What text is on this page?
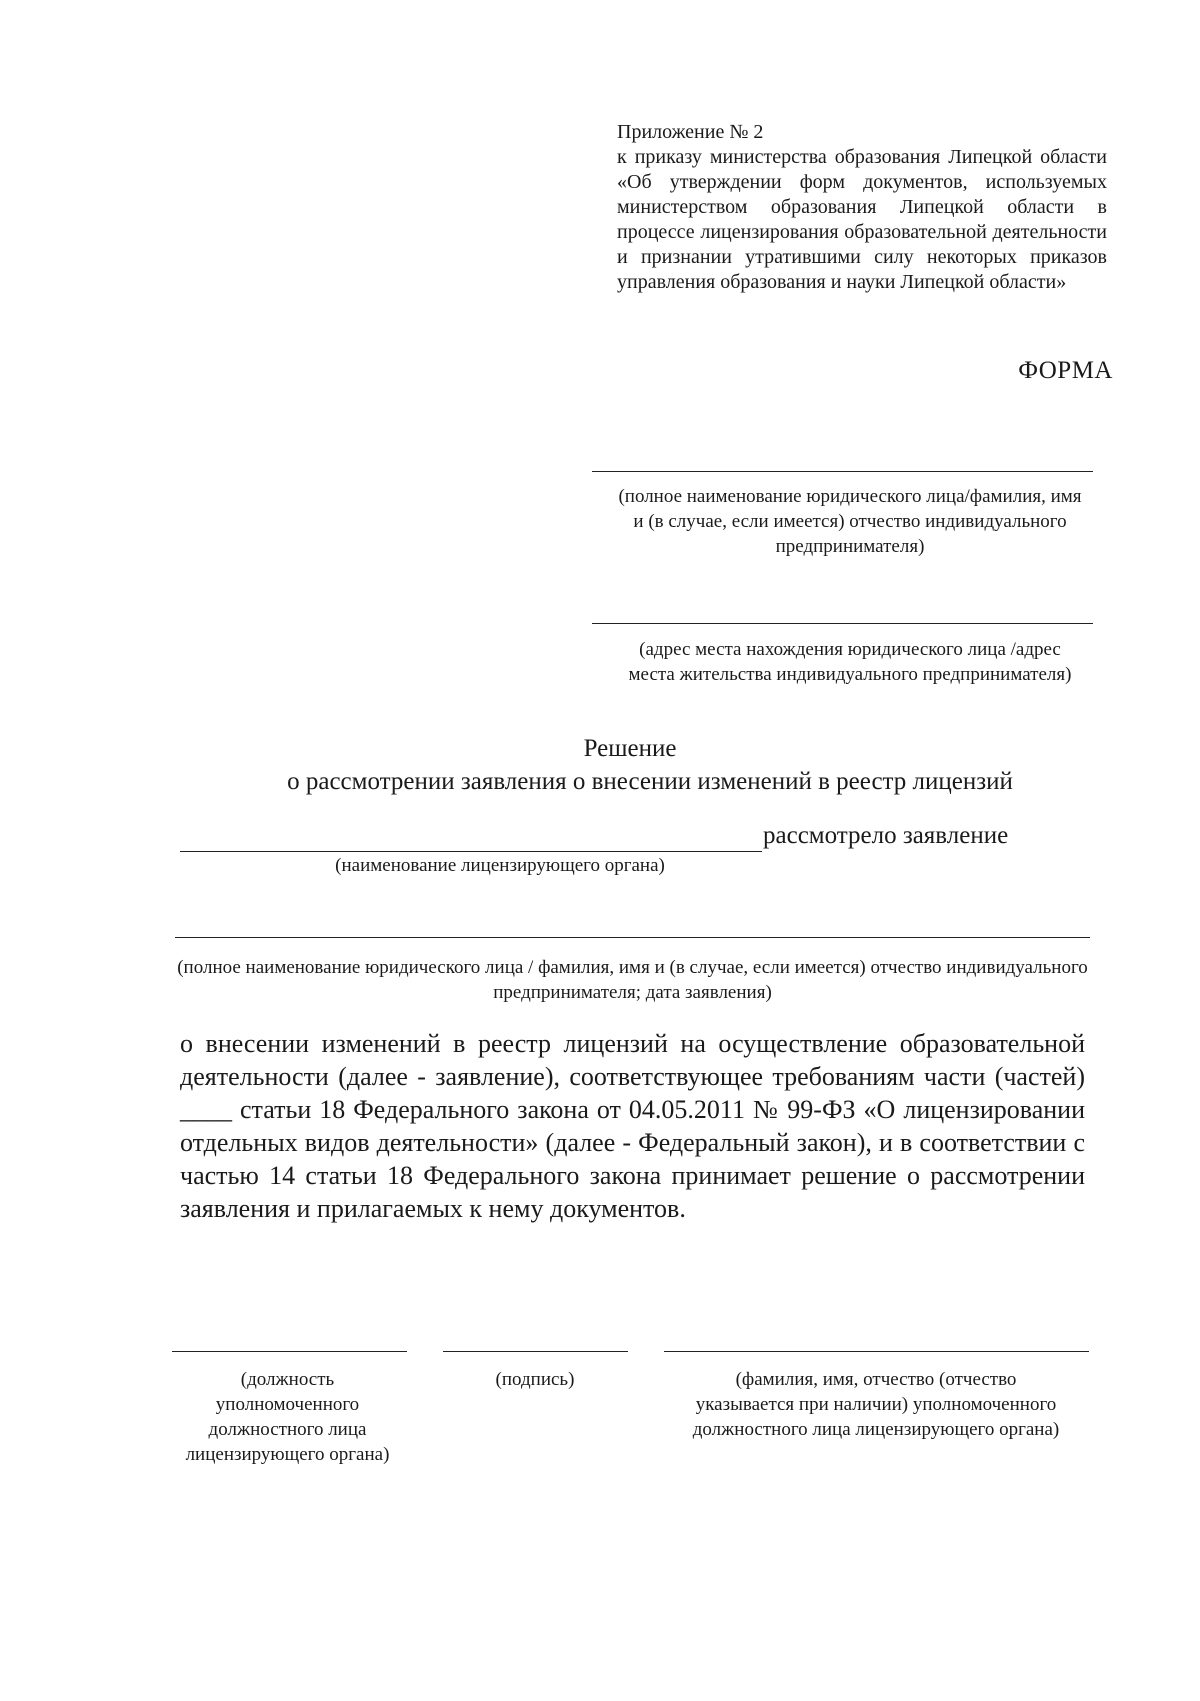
Приложение № 2
к приказу министерства образования Липецкой области «Об утверждении форм документов, используемых министерством образования Липецкой области в процессе лицензирования образовательной деятельности и признании утратившими силу некоторых приказов управления образования и науки Липецкой области»
ФОРМА
(полное наименование юридического лица/фамилия, имя и (в случае, если имеется) отчество индивидуального предпринимателя)
(адрес места нахождения юридического лица /адрес места жительства индивидуального предпринимателя)
Решение
о рассмотрении заявления о внесении изменений в реестр лицензий
рассмотрело заявление
(наименование лицензирующего органа)
(полное наименование юридического лица / фамилия, имя и (в случае, если имеется) отчество индивидуального предпринимателя; дата заявления)
о внесении изменений в реестр лицензий на осуществление образовательной деятельности (далее - заявление), соответствующее требованиям части (частей) ____ статьи 18 Федерального закона от 04.05.2011 № 99-ФЗ «О лицензировании отдельных видов деятельности» (далее - Федеральный закон), и в соответствии с частью 14 статьи 18 Федерального закона принимает решение о рассмотрении заявления и прилагаемых к нему документов.
(должность уполномоченного должностного лица лицензирующего органа)
(подпись)	(фамилия, имя, отчество (отчество указывается при наличии) уполномоченного должностного лица лицензирующего органа)
